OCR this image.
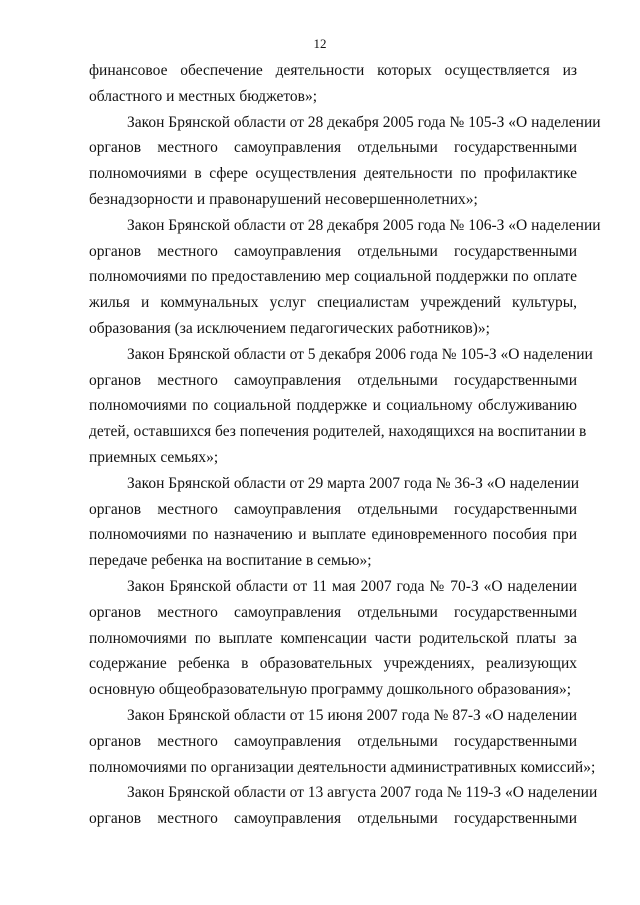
12
финансовое обеспечение деятельности которых осуществляется из
областного и местных бюджетов»;
Закон Брянской области от 28 декабря 2005 года № 105-З «О наделении
органов местного самоуправления отдельными государственными
полномочиями в сфере осуществления деятельности по профилактике
безнадзорности и правонарушений несовершеннолетних»;
Закон Брянской области от 28 декабря 2005 года № 106-З «О наделении
органов местного самоуправления отдельными государственными
полномочиями по предоставлению мер социальной поддержки по оплате
жилья и коммунальных услуг специалистам учреждений культуры,
образования (за исключением педагогических работников)»;
Закон Брянской области от 5 декабря 2006 года № 105-З «О наделении
органов местного самоуправления отдельными государственными
полномочиями по социальной поддержке и социальному обслуживанию
детей, оставшихся без попечения родителей, находящихся на воспитании в
приемных семьях»;
Закон Брянской области от 29 марта 2007 года № 36-З «О наделении
органов местного самоуправления отдельными государственными
полномочиями по назначению и выплате единовременного пособия при
передаче ребенка на воспитание в семью»;
Закон Брянской области от 11 мая 2007 года № 70-З «О наделении
органов местного самоуправления отдельными государственными
полномочиями по выплате компенсации части родительской платы за
содержание ребенка в образовательных учреждениях, реализующих
основную общеобразовательную программу дошкольного образования»;
Закон Брянской области от 15 июня 2007 года № 87-З «О наделении
органов местного самоуправления отдельными государственными
полномочиями по организации деятельности административных комиссий»;
Закон Брянской области от 13 августа 2007 года № 119-З «О наделении
органов местного самоуправления отдельными государственными
